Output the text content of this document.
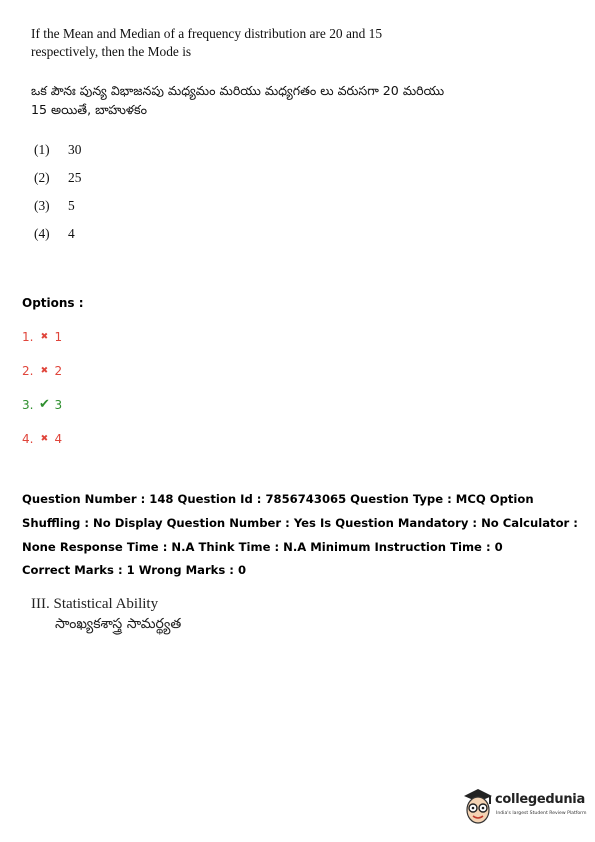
If the Mean and Median of a frequency distribution are 20 and 15 respectively, then the Mode is
ఒక పౌనః పున్య విభాజనపు మధ్యమం మరియు మధ్యగతం లు వరుసగా 20 మరియు 15 అయితే, బాహుళకం
(1)	30
(2)	25
(3)	5
(4)	4
Options :
1. ✖ 1
2. ✖ 2
3. ✔ 3
4. ✖ 4
Question Number : 148 Question Id : 7856743065 Question Type : MCQ Option Shuffling : No Display Question Number : Yes Is Question Mandatory : No Calculator : None Response Time : N.A Think Time : N.A Minimum Instruction Time : 0
Correct Marks : 1 Wrong Marks : 0
III. Statistical Ability
సాంఖ్యకశాస్త్ర సామర్థ్యత
collegedunia
India's largest Student Review Platform
